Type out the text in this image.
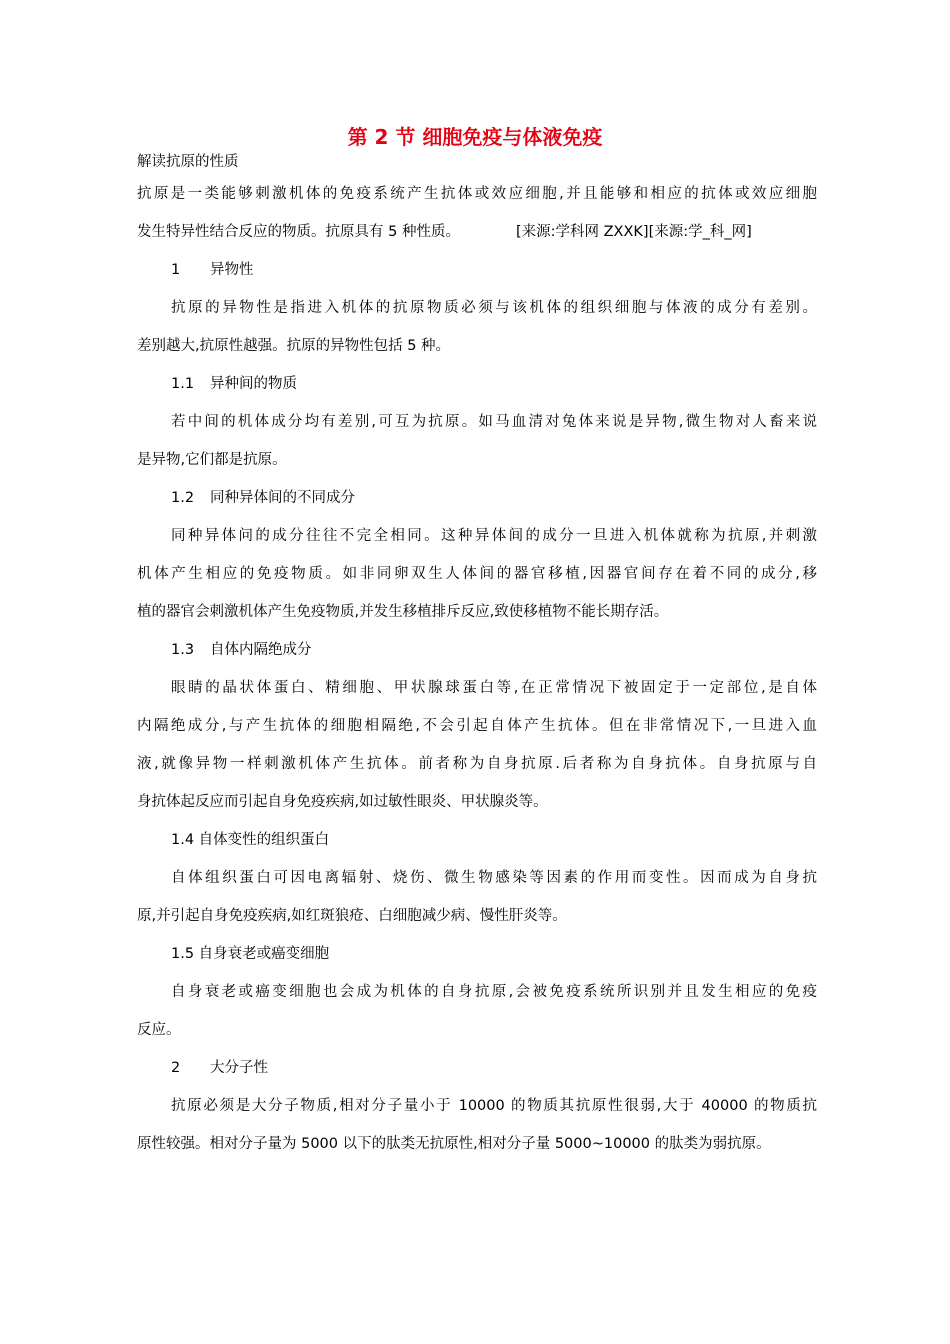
第 2 节 细胞免疫与体液免疫
解读抗原的性质
抗原是一类能够刺激机体的免疫系统产生抗体或效应细胞,并且能够和相应的抗体或效应细胞
发生特异性结合反应的物质。抗原具有 5 种性质。	[来源:学科网 ZXXK][来源:学_科_网]
1 异物性
抗原的异物性是指进入机体的抗原物质必须与该机体的组织细胞与体液的成分有差别。
差别越大,抗原性越强。抗原的异物性包括 5 种。
1.1 异种间的物质
若中间的机体成分均有差别,可互为抗原。如马血清对兔体来说是异物,微生物对人畜来说
是异物,它们都是抗原。
1.2 同种异体间的不同成分
同种异体问的成分往往不完全相同。这种异体间的成分一旦进入机体就称为抗原,并刺激
机体产生相应的免疫物质。如非同卵双生人体间的器官移植,因器官间存在着不同的成分,移
植的器官会刺激机体产生免疫物质,并发生移植排斥反应,致使移植物不能长期存活。
1.3 自体内隔绝成分
眼睛的晶状体蛋白、精细胞、甲状腺球蛋白等,在正常情况下被固定于一定部位,是自体
内隔绝成分,与产生抗体的细胞相隔绝,不会引起自体产生抗体。但在非常情况下,一旦进入血
液,就像异物一样刺激机体产生抗体。前者称为自身抗原.后者称为自身抗体。自身抗原与自
身抗体起反应而引起自身免疫疾病,如过敏性眼炎、甲状腺炎等。
1.4 自体变性的组织蛋白
自体组织蛋白可因电离辐射、烧伤、微生物感染等因素的作用而变性。因而成为自身抗
原,并引起自身免疫疾病,如红斑狼疮、白细胞减少病、慢性肝炎等。
1.5 自身衰老或癌变细胞
自身衰老或癌变细胞也会成为机体的自身抗原,会被免疫系统所识别并且发生相应的免疫
反应。
2 大分子性
抗原必须是大分子物质,相对分子量小于 10000 的物质其抗原性很弱,大于 40000 的物质抗
原性较强。相对分子量为 5000 以下的肽类无抗原性,相对分子量 5000~10000 的肽类为弱抗原。
